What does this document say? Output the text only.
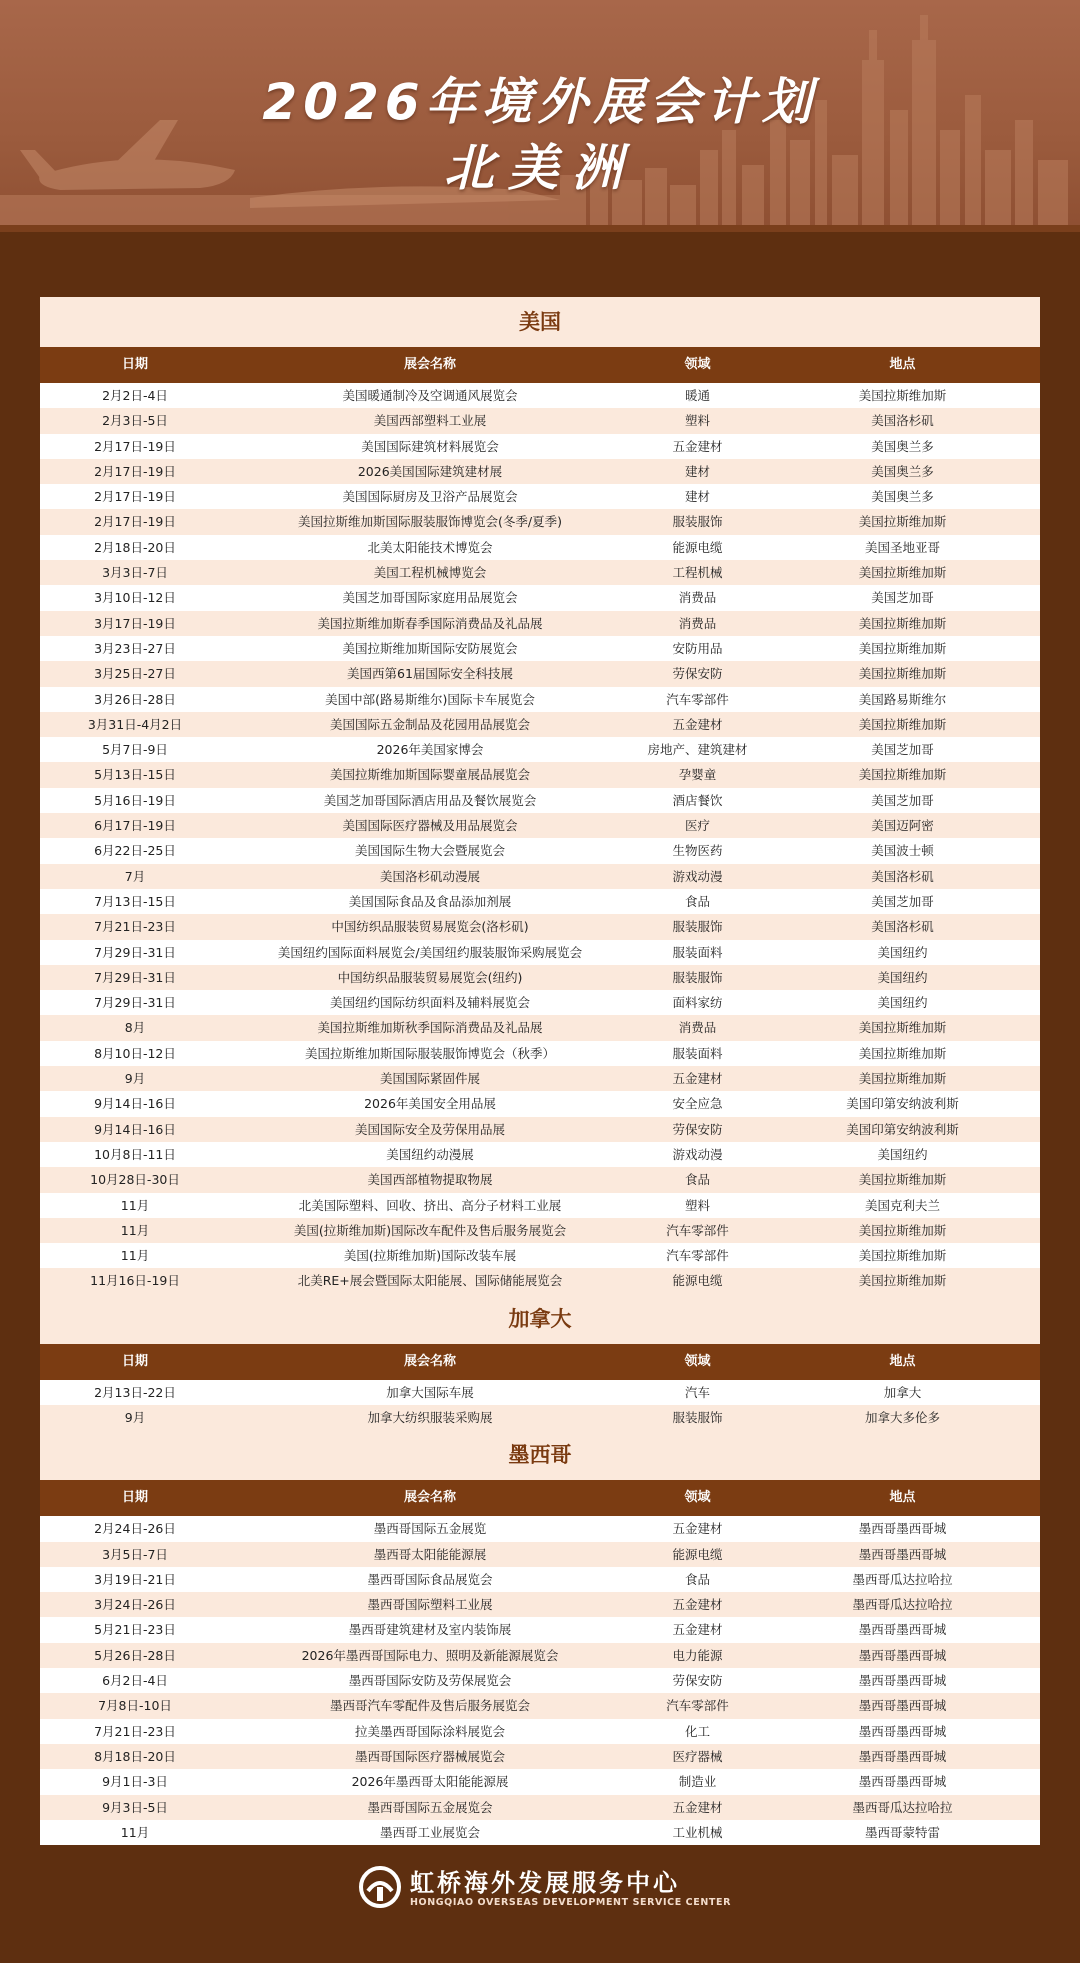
2026年境外展会计划
北美洲
美国
日期	展会名称	领域	地点
2月2日-4日	美国暖通制冷及空调通风展览会	暖通	美国拉斯维加斯
2月3日-5日	美国西部塑料工业展	塑料	美国洛杉矶
2月17日-19日	美国国际建筑材料展览会	五金建材	美国奥兰多
2月17日-19日	2026美国国际建筑建材展	建材	美国奥兰多
2月17日-19日	美国国际厨房及卫浴产品展览会	建材	美国奥兰多
2月17日-19日	美国拉斯维加斯国际服装服饰博览会(冬季/夏季)	服装服饰	美国拉斯维加斯
2月18日-20日	北美太阳能技术博览会	能源电缆	美国圣地亚哥
3月3日-7日	美国工程机械博览会	工程机械	美国拉斯维加斯
3月10日-12日	美国芝加哥国际家庭用品展览会	消费品	美国芝加哥
3月17日-19日	美国拉斯维加斯春季国际消费品及礼品展	消费品	美国拉斯维加斯
3月23日-27日	美国拉斯维加斯国际安防展览会	安防用品	美国拉斯维加斯
3月25日-27日	美国西第61届国际安全科技展	劳保安防	美国拉斯维加斯
3月26日-28日	美国中部(路易斯维尔)国际卡车展览会	汽车零部件	美国路易斯维尔
3月31日-4月2日	美国国际五金制品及花园用品展览会	五金建材	美国拉斯维加斯
5月7日-9日	2026年美国家博会	房地产、建筑建材	美国芝加哥
5月13日-15日	美国拉斯维加斯国际婴童展品展览会	孕婴童	美国拉斯维加斯
5月16日-19日	美国芝加哥国际酒店用品及餐饮展览会	酒店餐饮	美国芝加哥
6月17日-19日	美国国际医疗器械及用品展览会	医疗	美国迈阿密
6月22日-25日	美国国际生物大会暨展览会	生物医药	美国波士顿
7月	美国洛杉矶动漫展	游戏动漫	美国洛杉矶
7月13日-15日	美国国际食品及食品添加剂展	食品	美国芝加哥
7月21日-23日	中国纺织品服装贸易展览会(洛杉矶)	服装服饰	美国洛杉矶
7月29日-31日	美国纽约国际面料展览会/美国纽约服装服饰采购展览会	服装面料	美国纽约
7月29日-31日	中国纺织品服装贸易展览会(纽约)	服装服饰	美国纽约
7月29日-31日	美国纽约国际纺织面料及辅料展览会	面料家纺	美国纽约
8月	美国拉斯维加斯秋季国际消费品及礼品展	消费品	美国拉斯维加斯
8月10日-12日	美国拉斯维加斯国际服装服饰博览会（秋季）	服装面料	美国拉斯维加斯
9月	美国国际紧固件展	五金建材	美国拉斯维加斯
9月14日-16日	2026年美国安全用品展	安全应急	美国印第安纳波利斯
9月14日-16日	美国国际安全及劳保用品展	劳保安防	美国印第安纳波利斯
10月8日-11日	美国纽约动漫展	游戏动漫	美国纽约
10月28日-30日	美国西部植物提取物展	食品	美国拉斯维加斯
11月	北美国际塑料、回收、挤出、高分子材料工业展	塑料	美国克利夫兰
11月	美国(拉斯维加斯)国际改车配件及售后服务展览会	汽车零部件	美国拉斯维加斯
11月	美国(拉斯维加斯)国际改装车展	汽车零部件	美国拉斯维加斯
11月16日-19日	北美RE+展会暨国际太阳能展、国际储能展览会	能源电缆	美国拉斯维加斯
加拿大
日期	展会名称	领域	地点
2月13日-22日	加拿大国际车展	汽车	加拿大
9月	加拿大纺织服装采购展	服装服饰	加拿大多伦多
墨西哥
日期	展会名称	领域	地点
2月24日-26日	墨西哥国际五金展览	五金建材	墨西哥墨西哥城
3月5日-7日	墨西哥太阳能能源展	能源电缆	墨西哥墨西哥城
3月19日-21日	墨西哥国际食品展览会	食品	墨西哥瓜达拉哈拉
3月24日-26日	墨西哥国际塑料工业展	五金建材	墨西哥瓜达拉哈拉
5月21日-23日	墨西哥建筑建材及室内装饰展	五金建材	墨西哥墨西哥城
5月26日-28日	2026年墨西哥国际电力、照明及新能源展览会	电力能源	墨西哥墨西哥城
6月2日-4日	墨西哥国际安防及劳保展览会	劳保安防	墨西哥墨西哥城
7月8日-10日	墨西哥汽车零配件及售后服务展览会	汽车零部件	墨西哥墨西哥城
7月21日-23日	拉美墨西哥国际涂料展览会	化工	墨西哥墨西哥城
8月18日-20日	墨西哥国际医疗器械展览会	医疗器械	墨西哥墨西哥城
9月1日-3日	2026年墨西哥太阳能能源展	制造业	墨西哥墨西哥城
9月3日-5日	墨西哥国际五金展览会	五金建材	墨西哥瓜达拉哈拉
11月	墨西哥工业展览会	工业机械	墨西哥蒙特雷
虹桥海外发展服务中心
HONGQIAO OVERSEAS DEVELOPMENT SERVICE CENTER
